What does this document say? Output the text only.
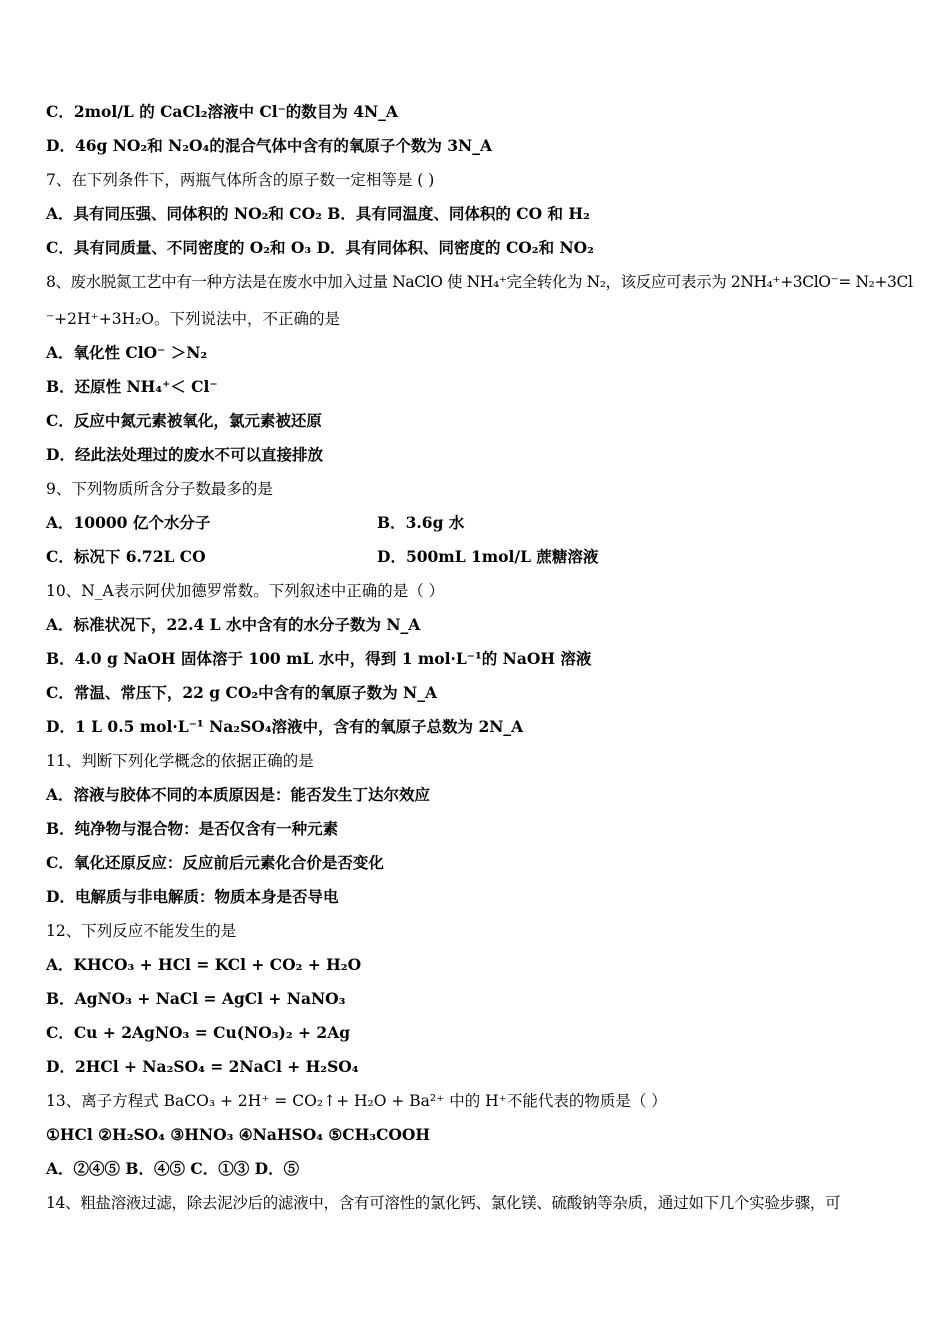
C．2mol/L 的 CaCl₂溶液中 Cl⁻的数目为 4N_A
D．46g NO₂和 N₂O₄的混合气体中含有的氧原子个数为 3N_A
7、在下列条件下，两瓶气体所含的原子数一定相等是 ( )
A．具有同压强、同体积的 NO₂和 CO₂ B．具有同温度、同体积的 CO 和 H₂
C．具有同质量、不同密度的 O₂和 O₃ D．具有同体积、同密度的 CO₂和 NO₂
8、废水脱氮工艺中有一种方法是在废水中加入过量 NaClO 使 NH₄⁺完全转化为 N₂，该反应可表示为 2NH₄⁺+3ClO⁻= N₂+3Cl
⁻+2H⁺+3H₂O。下列说法中，不正确的是
A．氧化性 ClO⁻ ＞N₂
B．还原性 NH₄⁺＜ Cl⁻
C．反应中氮元素被氧化，氯元素被还原
D．经此法处理过的废水不可以直接排放
9、下列物质所含分子数最多的是
A．10000 亿个水分子	B．3.6g 水
C．标况下 6.72L CO	D．500mL 1mol/L 蔗糖溶液
10、N_A表示阿伏加德罗常数。下列叙述中正确的是（ ）
A．标准状况下，22.4 L 水中含有的水分子数为 N_A
B．4.0 g NaOH 固体溶于 100 mL 水中，得到 1 mol·L⁻¹的 NaOH 溶液
C．常温、常压下，22 g CO₂中含有的氧原子数为 N_A
D．1 L 0.5 mol·L⁻¹ Na₂SO₄溶液中，含有的氧原子总数为 2N_A
11、判断下列化学概念的依据正确的是
A．溶液与胶体不同的本质原因是：能否发生丁达尔效应
B．纯净物与混合物：是否仅含有一种元素
C．氧化还原反应：反应前后元素化合价是否变化
D．电解质与非电解质：物质本身是否导电
12、下列反应不能发生的是
A．KHCO₃ + HCl = KCl + CO₂ + H₂O
B．AgNO₃ + NaCl = AgCl + NaNO₃
C．Cu + 2AgNO₃ = Cu(NO₃)₂ + 2Ag
D．2HCl + Na₂SO₄ = 2NaCl + H₂SO₄
13、离子方程式 BaCO₃ + 2H⁺ = CO₂↑+ H₂O + Ba²⁺ 中的 H⁺不能代表的物质是（ ）
①HCl ②H₂SO₄ ③HNO₃ ④NaHSO₄ ⑤CH₃COOH
A．②④⑤ B．④⑤ C．①③ D．⑤
14、粗盐溶液过滤，除去泥沙后的滤液中，含有可溶性的氯化钙、氯化镁、硫酸钠等杂质，通过如下几个实验步骤，可
